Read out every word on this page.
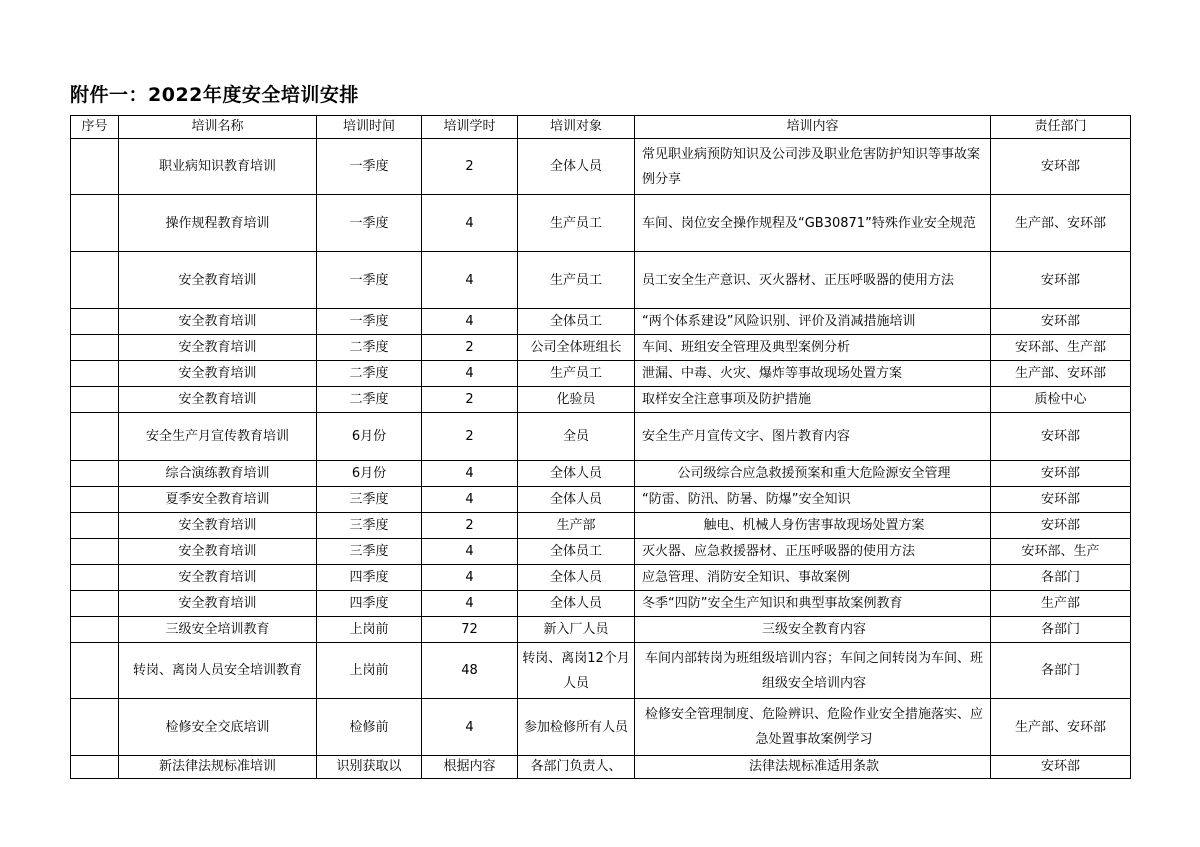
附件一：2022年度安全培训安排
序号	培训名称	培训时间	培训学时	培训对象	培训内容	责任部门
	职业病知识教育培训	一季度	2	全体人员	常见职业病预防知识及公司涉及职业危害防护知识等事故案例分享	安环部
	操作规程教育培训	一季度	4	生产员工	车间、岗位安全操作规程及“GB30871”特殊作业安全规范	生产部、安环部
	安全教育培训	一季度	4	生产员工	员工安全生产意识、灭火器材、正压呼吸器的使用方法	安环部
	安全教育培训	一季度	4	全体员工	“两个体系建设”风险识别、评价及消减措施培训	安环部
	安全教育培训	二季度	2	公司全体班组长	车间、班组安全管理及典型案例分析	安环部、生产部
	安全教育培训	二季度	4	生产员工	泄漏、中毒、火灾、爆炸等事故现场处置方案	生产部、安环部
	安全教育培训	二季度	2	化验员	取样安全注意事项及防护措施	质检中心
	安全生产月宣传教育培训	6月份	2	全员	安全生产月宣传文字、图片教育内容	安环部
	综合演练教育培训	6月份	4	全体人员	公司级综合应急救援预案和重大危险源安全管理	安环部
	夏季安全教育培训	三季度	4	全体人员	“防雷、防汛、防暑、防爆”安全知识	安环部
	安全教育培训	三季度	2	生产部	触电、机械人身伤害事故现场处置方案	安环部
	安全教育培训	三季度	4	全体员工	灭火器、应急救援器材、正压呼吸器的使用方法	安环部、生产
	安全教育培训	四季度	4	全体人员	应急管理、消防安全知识、事故案例	各部门
	安全教育培训	四季度	4	全体人员	冬季“四防”安全生产知识和典型事故案例教育	生产部
	三级安全培训教育	上岗前	72	新入厂人员	三级安全教育内容	各部门
	转岗、离岗人员安全培训教育	上岗前	48	转岗、离岗12个月人员	车间内部转岗为班组级培训内容；车间之间转岗为车间、班组级安全培训内容	各部门
	检修安全交底培训	检修前	4	参加检修所有人员	检修安全管理制度、危险辨识、危险作业安全措施落实、应急处置事故案例学习	生产部、安环部
	新法律法规标准培训	识别获取以	根据内容	各部门负责人、	法律法规标准适用条款	安环部
